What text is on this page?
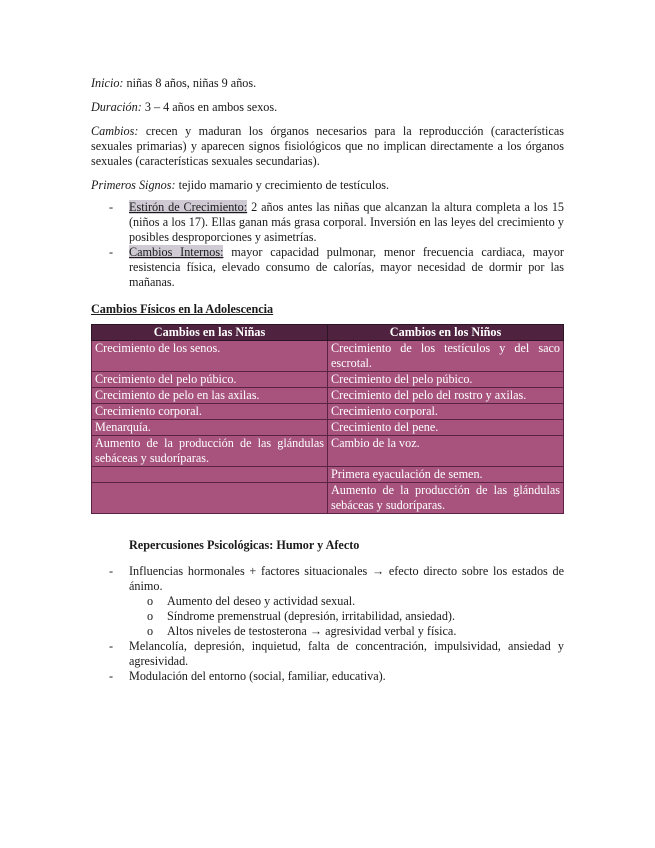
Inicio: niñas 8 años, niñas 9 años.

Duración: 3 – 4 años en ambos sexos.

Cambios: crecen y maduran los órganos necesarios para la reproducción (características sexuales primarias) y aparecen signos fisiológicos que no implican directamente a los órganos sexuales (características sexuales secundarias).

Primeros Signos: tejido mamario y crecimiento de testículos.

- Estirón de Crecimiento: 2 años antes las niñas que alcanzan la altura completa a los 15 (niños a los 17). Ellas ganan más grasa corporal. Inversión en las leyes del crecimiento y posibles desproporciones y asimetrías.
- Cambios Internos: mayor capacidad pulmonar, menor frecuencia cardiaca, mayor resistencia física, elevado consumo de calorías, mayor necesidad de dormir por las mañanas.
Cambios Físicos en la Adolescencia
Cambios en las Niñas	Cambios en los Niños
Crecimiento de los senos.	Crecimiento de los testículos y del saco escrotal.
Crecimiento del pelo púbico.	Crecimiento del pelo púbico.
Crecimiento de pelo en las axilas.	Crecimiento del pelo del rostro y axilas.
Crecimiento corporal.	Crecimiento corporal.
Menarquía.	Crecimiento del pene.
Aumento de la producción de las glándulas sebáceas y sudoríparas.	Cambio de la voz.
	Primera eyaculación de semen.
	Aumento de la producción de las glándulas sebáceas y sudoríparas.
Repercusiones Psicológicas: Humor y Afecto
- Influencias hormonales + factores situacionales → efecto directo sobre los estados de ánimo.
o Aumento del deseo y actividad sexual.
o Síndrome premenstrual (depresión, irritabilidad, ansiedad).
o Altos niveles de testosterona → agresividad verbal y física.
- Melancolía, depresión, inquietud, falta de concentración, impulsividad, ansiedad y agresividad.
- Modulación del entorno (social, familiar, educativa).
